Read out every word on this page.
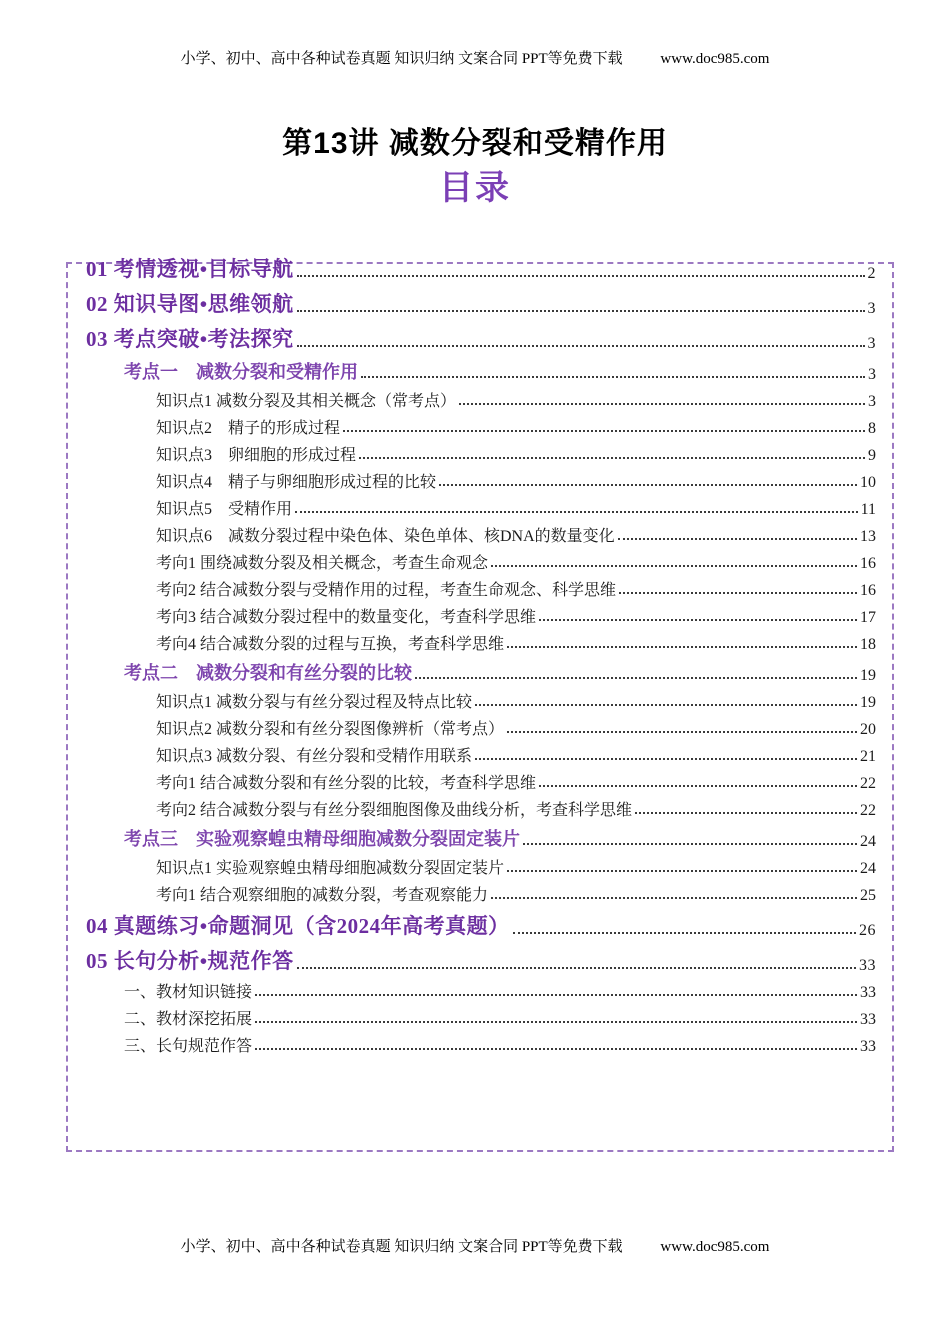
小学、初中、高中各种试卷真题 知识归纳 文案合同 PPT等免费下载	www.doc985.com
第13讲 减数分裂和受精作用
目录
01 考情透视•目标导航	2
02 知识导图•思维领航	3
03 考点突破•考法探究	3
考点一　减数分裂和受精作用	3
知识点1 减数分裂及其相关概念（常考点）	3
知识点2　精子的形成过程	8
知识点3　卵细胞的形成过程	9
知识点4　精子与卵细胞形成过程的比较	10
知识点5　受精作用	11
知识点6　减数分裂过程中染色体、染色单体、核DNA的数量变化	13
考向1 围绕减数分裂及相关概念，考查生命观念	16
考向2 结合减数分裂与受精作用的过程，考查生命观念、科学思维	16
考向3 结合减数分裂过程中的数量变化，考查科学思维	17
考向4 结合减数分裂的过程与互换，考查科学思维	18
考点二　减数分裂和有丝分裂的比较	19
知识点1 减数分裂与有丝分裂过程及特点比较	19
知识点2 减数分裂和有丝分裂图像辨析（常考点）	20
知识点3 减数分裂、有丝分裂和受精作用联系	21
考向1 结合减数分裂和有丝分裂的比较，考查科学思维	22
考向2 结合减数分裂与有丝分裂细胞图像及曲线分析，考查科学思维	22
考点三　实验观察蝗虫精母细胞减数分裂固定装片	24
知识点1 实验观察蝗虫精母细胞减数分裂固定装片	24
考向1 结合观察细胞的减数分裂，考查观察能力	25
04 真题练习•命题洞见（含2024年高考真题）	26
05 长句分析•规范作答	33
一、教材知识链接	33
二、教材深挖拓展	33
三、长句规范作答	33
小学、初中、高中各种试卷真题 知识归纳 文案合同 PPT等免费下载	www.doc985.com
